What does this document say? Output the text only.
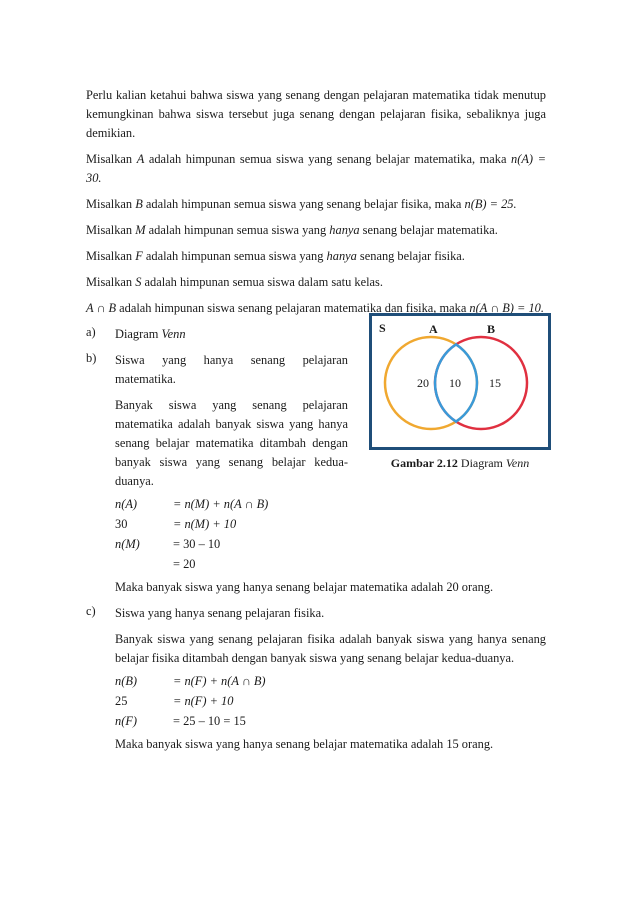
Perlu kalian ketahui bahwa siswa yang senang dengan pelajaran matematika tidak menutup kemungkinan bahwa siswa tersebut juga senang dengan pelajaran fisika, sebaliknya juga demikian.

Misalkan A adalah himpunan semua siswa yang senang belajar matematika, maka n(A) = 30.

Misalkan B adalah himpunan semua siswa yang senang belajar fisika, maka n(B) = 25.

Misalkan M adalah himpunan semua siswa yang hanya senang belajar matematika.

Misalkan F adalah himpunan semua siswa yang hanya senang belajar fisika.

Misalkan S adalah himpunan semua siswa dalam satu kelas.

A ∩ B adalah himpunan siswa senang pelajaran matematika dan fisika, maka n(A ∩ B) = 10.

a) Diagram Venn

b) Siswa yang hanya senang pelajaran matematika.

Banyak siswa yang senang pelajaran matematika adalah banyak siswa yang hanya senang belajar matematika ditambah dengan banyak siswa yang senang belajar kedua-duanya.

n(A)	= n(M) + n(A ∩ B)
30	= n(M) + 10
n(M)	= 30 – 10
= 20

Maka banyak siswa yang hanya senang belajar matematika adalah 20 orang.

c) Siswa yang hanya senang pelajaran fisika.

Banyak siswa yang senang pelajaran fisika adalah banyak siswa yang hanya senang belajar fisika ditambah dengan banyak siswa yang senang belajar kedua-duanya.

n(B)	= n(F) + n(A ∩ B)
25	= n(F) + 10
n(F)	= 25 – 10 = 15

Maka banyak siswa yang hanya senang belajar matematika adalah 15 orang.

S	A	B
20 10 15
Gambar 2.12 Diagram Venn
